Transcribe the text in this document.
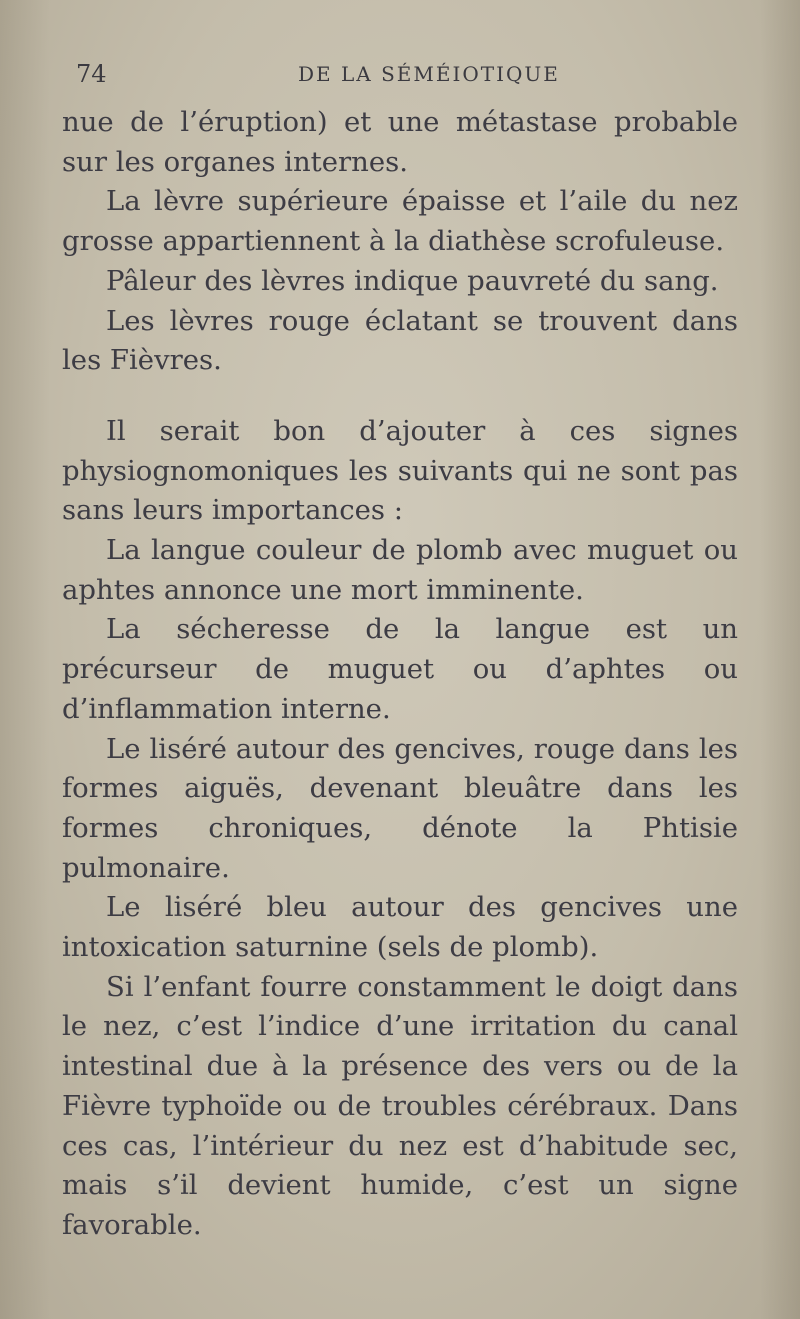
74	DE LA SÉMÉIOTIQUE

nue de l’éruption) et une métastase probable sur les organes internes.

La lèvre supérieure épaisse et l’aile du nez grosse appartiennent à la diathèse scrofuleuse.

Pâleur des lèvres indique pauvreté du sang.

Les lèvres rouge éclatant se trouvent dans les Fièvres.

Il serait bon d’ajouter à ces signes physiognomoniques les suivants qui ne sont pas sans leurs importances :

La langue couleur de plomb avec muguet ou aphtes annonce une mort imminente.

La sécheresse de la langue est un précurseur de muguet ou d’aphtes ou d’inflammation interne.

Le liséré autour des gencives, rouge dans les formes aiguës, devenant bleuâtre dans les formes chroniques, dénote la Phtisie pulmonaire.

Le liséré bleu autour des gencives une intoxication saturnine (sels de plomb).

Si l’enfant fourre constamment le doigt dans le nez, c’est l’indice d’une irritation du canal intestinal due à la présence des vers ou de la Fièvre typhoïde ou de troubles cérébraux. Dans ces cas, l’intérieur du nez est d’habitude sec, mais s’il devient humide, c’est un signe favorable.
